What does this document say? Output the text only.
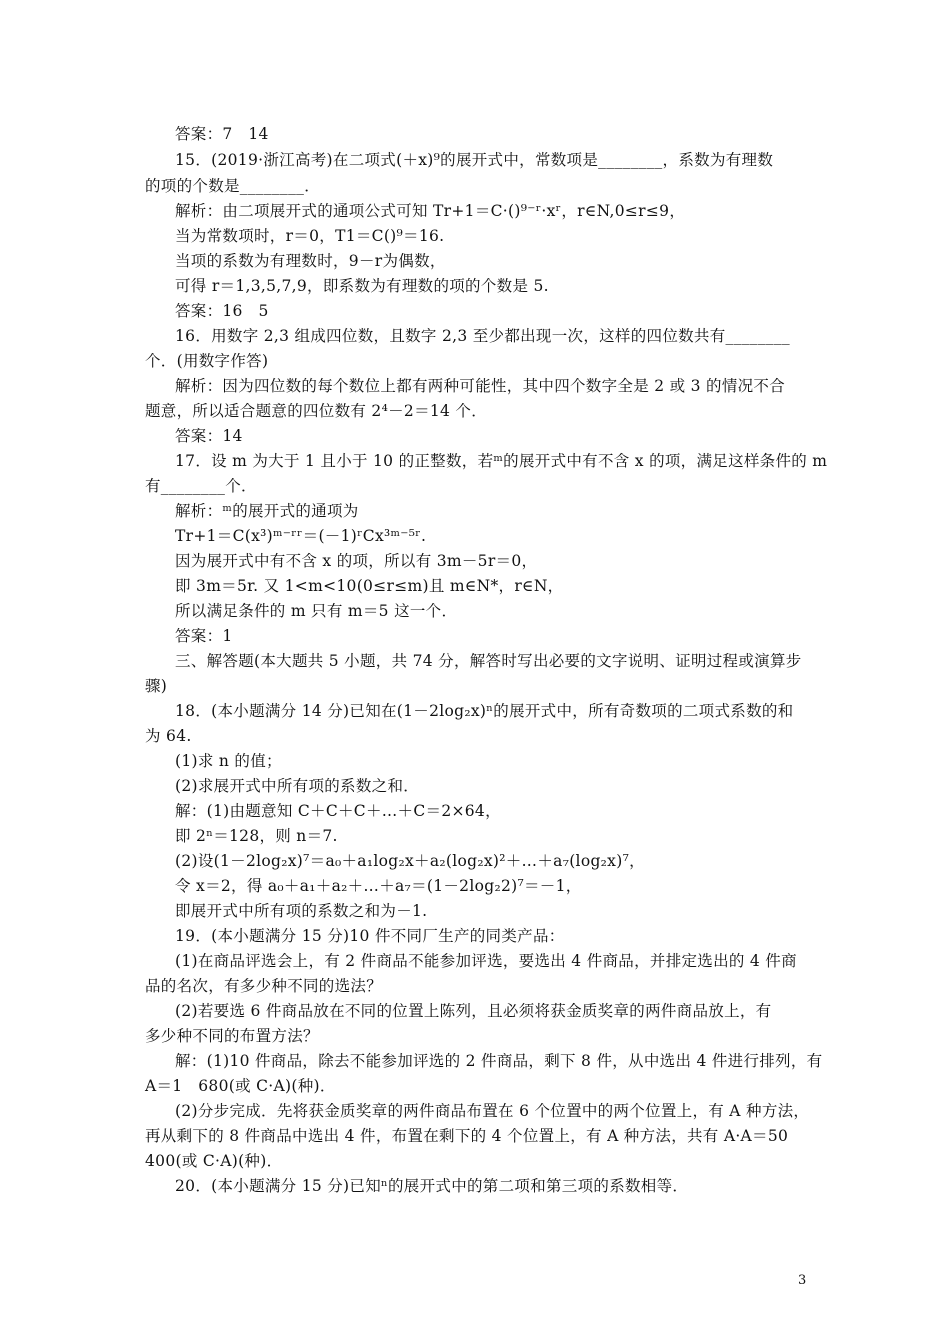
答案：7　14
15．(2019·浙江高考)在二项式(＋x)⁹的展开式中，常数项是________，系数为有理数
的项的个数是________．
解析：由二项展开式的通项公式可知 Tr+1＝C·()⁹⁻ʳ·xʳ，r∈N,0≤r≤9，
当为常数项时，r＝0，T1＝C()⁹＝16.
当项的系数为有理数时，9－r为偶数，
可得 r＝1,3,5,7,9，即系数为有理数的项的个数是 5.
答案：16　5
16．用数字 2,3 组成四位数，且数字 2,3 至少都出现一次，这样的四位数共有________
个．(用数字作答)
解析：因为四位数的每个数位上都有两种可能性，其中四个数字全是 2 或 3 的情况不合
题意，所以适合题意的四位数有 2⁴－2＝14 个．
答案：14
17．设 m 为大于 1 且小于 10 的正整数，若ᵐ的展开式中有不含 x 的项，满足这样条件的 m
有________个．
解析：ᵐ的展开式的通项为
Tr+1＝C(x³)ᵐ⁻ʳʳ＝(－1)ʳCx³ᵐ⁻⁵ʳ.
因为展开式中有不含 x 的项，所以有 3m－5r＝0，
即 3m＝5r. 又 1<m<10(0≤r≤m)且 m∈N*，r∈N，
所以满足条件的 m 只有 m＝5 这一个．
答案：1
三、解答题(本大题共 5 小题，共 74 分，解答时写出必要的文字说明、证明过程或演算步
骤)
18．(本小题满分 14 分)已知在(1－2log₂x)ⁿ的展开式中，所有奇数项的二项式系数的和
为 64.
(1)求 n 的值；
(2)求展开式中所有项的系数之和．
解：(1)由题意知 C＋C＋C＋…＋C＝2×64，
即 2ⁿ＝128，则 n＝7.
(2)设(1－2log₂x)⁷＝a₀＋a₁log₂x＋a₂(log₂x)²＋…＋a₇(log₂x)⁷，
令 x＝2，得 a₀＋a₁＋a₂＋…＋a₇＝(1－2log₂2)⁷＝－1，
即展开式中所有项的系数之和为－1.
19．(本小题满分 15 分)10 件不同厂生产的同类产品：
(1)在商品评选会上，有 2 件商品不能参加评选，要选出 4 件商品，并排定选出的 4 件商
品的名次，有多少种不同的选法？
(2)若要选 6 件商品放在不同的位置上陈列，且必须将获金质奖章的两件商品放上，有
多少种不同的布置方法？
解：(1)10 件商品，除去不能参加评选的 2 件商品，剩下 8 件，从中选出 4 件进行排列，有
A＝1　680(或 C·A)(种)．
(2)分步完成．先将获金质奖章的两件商品布置在 6 个位置中的两个位置上，有 A 种方法，
再从剩下的 8 件商品中选出 4 件，布置在剩下的 4 个位置上，有 A 种方法，共有 A·A＝50
400(或 C·A)(种)．
20．(本小题满分 15 分)已知ⁿ的展开式中的第二项和第三项的系数相等．
3
